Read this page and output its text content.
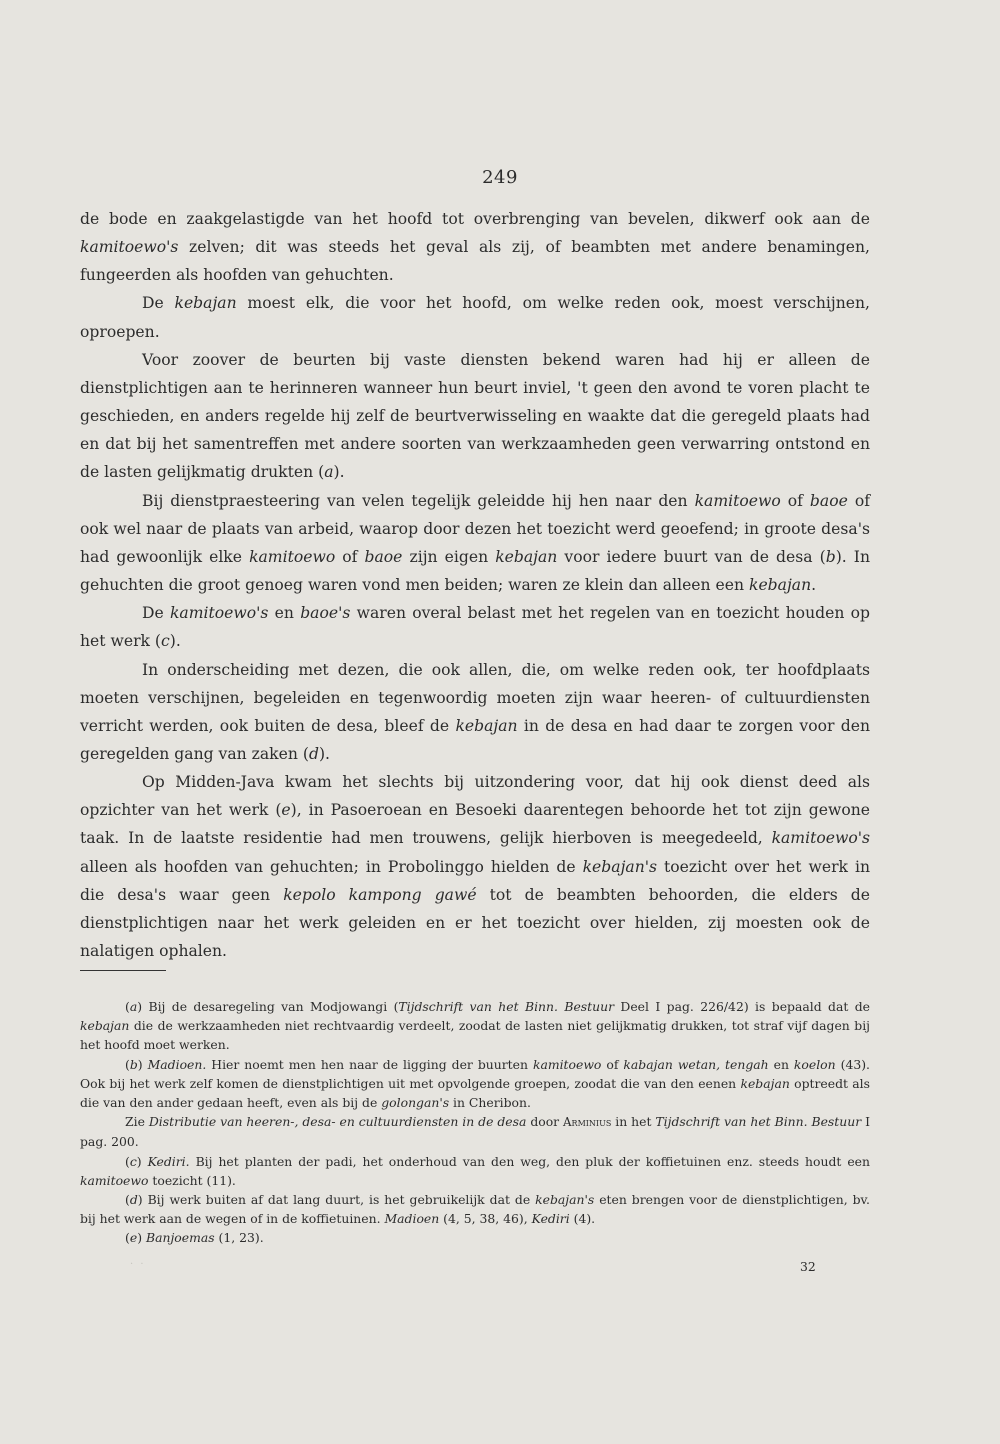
249

de bode en zaakgelastigde van het hoofd tot overbrenging van bevelen, dikwerf ook aan de kamitoewo's zelven; dit was steeds het geval als zij, of beambten met andere benamingen, fungeerden als hoofden van gehuchten.

De kebajan moest elk, die voor het hoofd, om welke reden ook, moest verschijnen, oproepen.

Voor zoover de beurten bij vaste diensten bekend waren had hij er alleen de dienstplichtigen aan te herinneren wanneer hun beurt inviel, 't geen den avond te voren placht te geschieden, en anders regelde hij zelf de beurtverwisseling en waakte dat die geregeld plaats had en dat bij het samentreffen met andere soorten van werkzaamheden geen verwarring ontstond en de lasten gelijkmatig drukten (a).

Bij dienstpraesteering van velen tegelijk geleidde hij hen naar den kamitoewo of baoe of ook wel naar de plaats van arbeid, waarop door dezen het toezicht werd geoefend; in groote desa's had gewoonlijk elke kamitoewo of baoe zijn eigen kebajan voor iedere buurt van de desa (b). In gehuchten die groot genoeg waren vond men beiden; waren ze klein dan alleen een kebajan.

De kamitoewo's en baoe's waren overal belast met het regelen van en toezicht houden op het werk (c).

In onderscheiding met dezen, die ook allen, die, om welke reden ook, ter hoofdplaats moeten verschijnen, begeleiden en tegenwoordig moeten zijn waar heeren- of cultuurdiensten verricht werden, ook buiten de desa, bleef de kebajan in de desa en had daar te zorgen voor den geregelden gang van zaken (d).

Op Midden-Java kwam het slechts bij uitzondering voor, dat hij ook dienst deed als opzichter van het werk (e), in Pasoeroean en Besoeki daarentegen behoorde het tot zijn gewone taak. In de laatste residentie had men trouwens, gelijk hierboven is meegedeeld, kamitoewo's alleen als hoofden van gehuchten; in Probolinggo hielden de kebajan's toezicht over het werk in die desa's waar geen kepolo kampong gawé tot de beambten behoorden, die elders de dienstplichtigen naar het werk geleiden en er het toezicht over hielden, zij moesten ook de nalatigen ophalen.

(a) Bij de desaregeling van Modjowangi (Tijdschrift van het Binn. Bestuur Deel I pag. 226/42) is bepaald dat de kebajan die de werkzaamheden niet rechtvaardig verdeelt, zoodat de lasten niet gelijkmatig drukken, tot straf vijf dagen bij het hoofd moet werken.

(b) Madioen. Hier noemt men hen naar de ligging der buurten kamitoewo of kabajan wetan, tengah en koelon (43). Ook bij het werk zelf komen de dienstplichtigen uit met opvolgende groepen, zoodat die van den eenen kebajan optreedt als die van den ander gedaan heeft, even als bij de golongan's in Cheribon.

Zie Distributie van heeren-, desa- en cultuurdiensten in de desa door Arminius in het Tijdschrift van het Binn. Bestuur I pag. 200.

(c) Kediri. Bij het planten der padi, het onderhoud van den weg, den pluk der koffietuinen enz. steeds houdt een kamitoewo toezicht (11).

(d) Bij werk buiten af dat lang duurt, is het gebruikelijk dat de kebajan's eten brengen voor de dienstplichtigen, bv. bij het werk aan de wegen of in de koffietuinen. Madioen (4, 5, 38, 46), Kediri (4).

(e) Banjoemas (1, 23).

· ·	32
